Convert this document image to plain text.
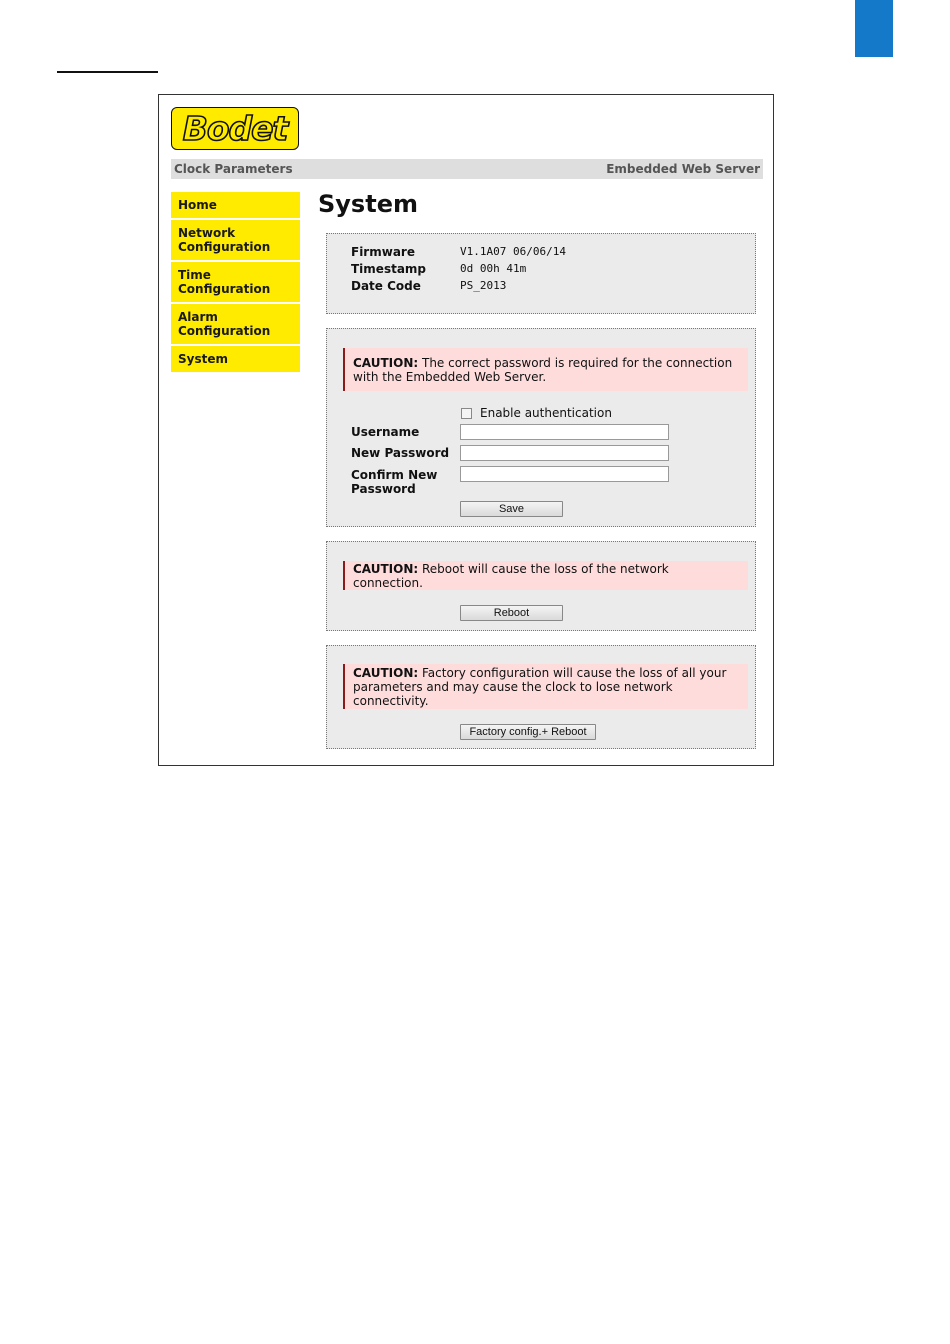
Bodet
Clock Parameters	Embedded Web Server
Home
Network
Configuration
Time
Configuration
Alarm
Configuration
System
System
Firmware	V1.1A07 06/06/14
Timestamp	0d 00h 41m
Date Code	PS_2013
CAUTION: The correct password is required for the connection with the Embedded Web Server.
Enable authentication
Username
New Password
Confirm New
Password
Save
CAUTION: Reboot will cause the loss of the network connection.
Reboot
CAUTION: Factory configuration will cause the loss of all your parameters and may cause the clock to lose network connectivity.
Factory config.+ Reboot
